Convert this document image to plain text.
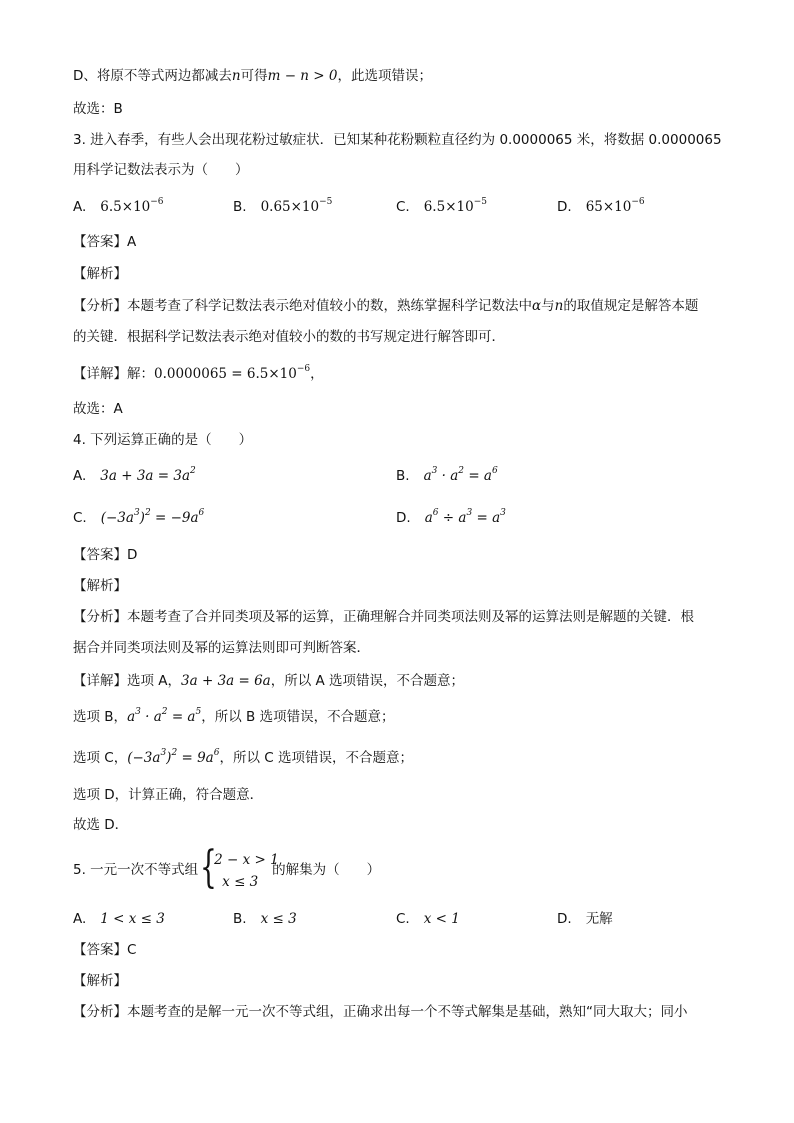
D、将原不等式两边都减去n可得m − n > 0，此选项错误；
故选：B
3. 进入春季，有些人会出现花粉过敏症状．已知某种花粉颗粒直径约为 0.0000065 米，将数据 0.0000065
用科学记数法表示为（　　）
A. $6.5\times 10^{-6}$	B. $0.65\times 10^{-5}$	C. $6.5\times 10^{-5}$	D. $65\times 10^{-6}$
【答案】A
【解析】
【分析】本题考查了科学记数法表示绝对值较小的数，熟练掌握科学记数法中α与n的取值规定是解答本题
的关键．根据科学记数法表示绝对值较小的数的书写规定进行解答即可．
【详解】解：$0.0000065 = 6.5\times 10^{-6}$，
故选：A
4. 下列运算正确的是（　　）
A. $3a + 3a = 3a^2$	B. $a^3 \cdot a^2 = a^6$
C. $(-3a^3)^2 = -9a^6$	D. $a^6 \div a^3 = a^3$
【答案】D
【解析】
【分析】本题考查了合并同类项及幂的运算，正确理解合并同类项法则及幂的运算法则是解题的关键．根
据合并同类项法则及幂的运算法则即可判断答案．
【详解】选项 A，3a + 3a = 6a，所以 A 选项错误，不合题意；
选项 B，$a^3 \cdot a^2 = a^5$，所以 B 选项错误，不合题意；
选项 C，$(-3a^3)^2 = 9a^6$，所以 C 选项错误，不合题意；
选项 D，计算正确，符合题意．
故选 D．
5. 一元一次不等式组 {
2 − x > 1
x ≤ 3
的解集为（　　）
A. 1 < x ≤ 3	B. x ≤ 3	C. x < 1	D. 无解
【答案】C
【解析】
【分析】本题考查的是解一元一次不等式组，正确求出每一个不等式解集是基础，熟知“同大取大；同小
